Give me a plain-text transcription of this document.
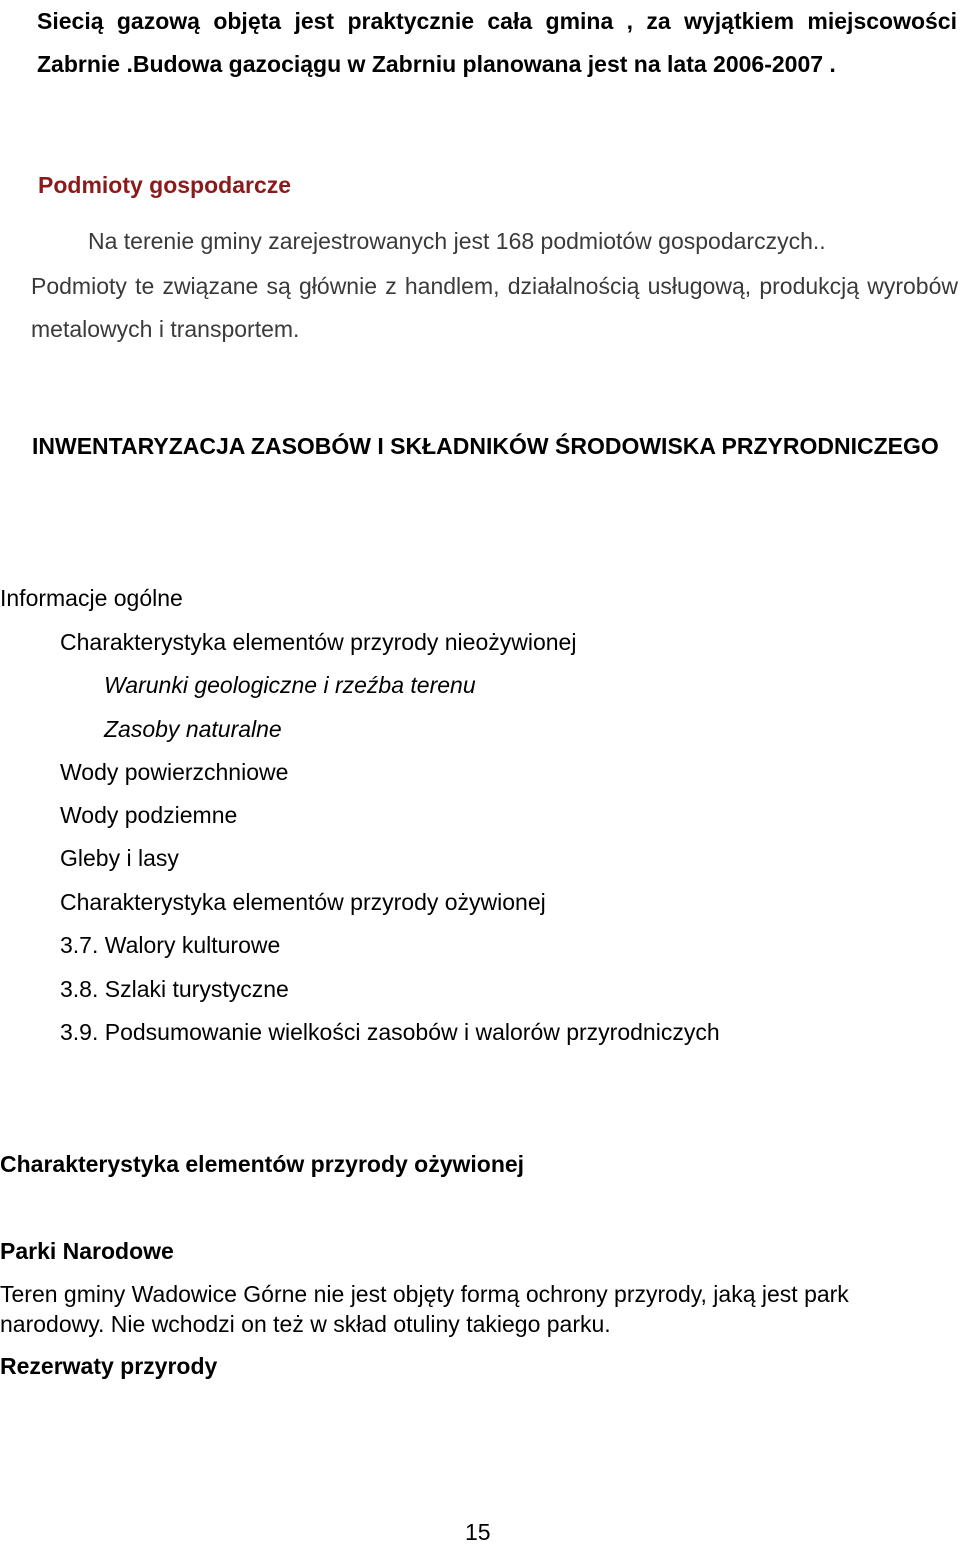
Siecią gazową objęta jest praktycznie cała gmina , za wyjątkiem miejscowości Zabrnie .Budowa gazociągu w Zabrniu planowana jest na lata 2006-2007 .
Podmioty gospodarcze
Na terenie gminy zarejestrowanych jest 168 podmiotów gospodarczych..
Podmioty te związane są głównie z handlem, działalnością usługową, produkcją wyrobów metalowych i transportem.
INWENTARYZACJA ZASOBÓW I SKŁADNIKÓW ŚRODOWISKA PRZYRODNICZEGO
Informacje ogólne
Charakterystyka elementów przyrody nieożywionej
Warunki geologiczne i rzeźba terenu
Zasoby naturalne
Wody powierzchniowe
Wody podziemne
Gleby i lasy
Charakterystyka elementów przyrody ożywionej
3.7. Walory kulturowe
3.8. Szlaki turystyczne
3.9. Podsumowanie wielkości zasobów i walorów przyrodniczych
Charakterystyka elementów przyrody ożywionej
Parki Narodowe
Teren gminy Wadowice Górne nie jest objęty formą ochrony przyrody, jaką jest park narodowy. Nie wchodzi on też w skład otuliny takiego parku.
Rezerwaty przyrody
15
